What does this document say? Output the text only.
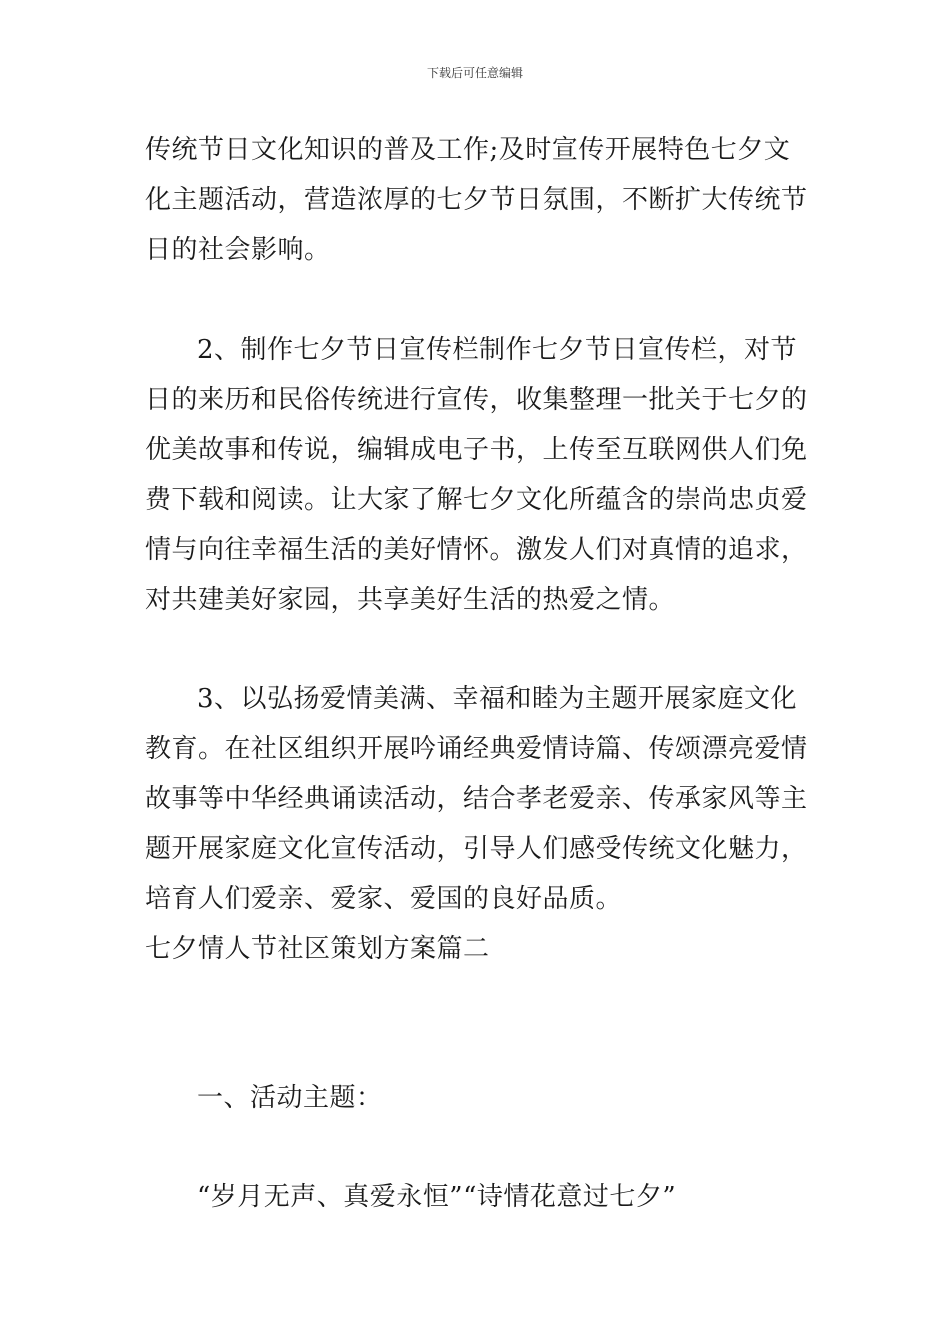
下载后可任意编辑

传统节日文化知识的普及工作;及时宣传开展特色七夕文化主题活动，营造浓厚的七夕节日氛围，不断扩大传统节日的社会影响。

2、制作七夕节日宣传栏制作七夕节日宣传栏，对节日的来历和民俗传统进行宣传，收集整理一批关于七夕的优美故事和传说，编辑成电子书，上传至互联网供人们免费下载和阅读。让大家了解七夕文化所蕴含的崇尚忠贞爱情与向往幸福生活的美好情怀。激发人们对真情的追求，对共建美好家园，共享美好生活的热爱之情。

3、以弘扬爱情美满、幸福和睦为主题开展家庭文化教育。在社区组织开展吟诵经典爱情诗篇、传颂漂亮爱情故事等中华经典诵读活动，结合孝老爱亲、传承家风等主题开展家庭文化宣传活动，引导人们感受传统文化魅力，培育人们爱亲、爱家、爱国的良好品质。

七夕情人节社区策划方案篇二

一、活动主题：

“岁月无声、真爱永恒”“诗情花意过七夕”
